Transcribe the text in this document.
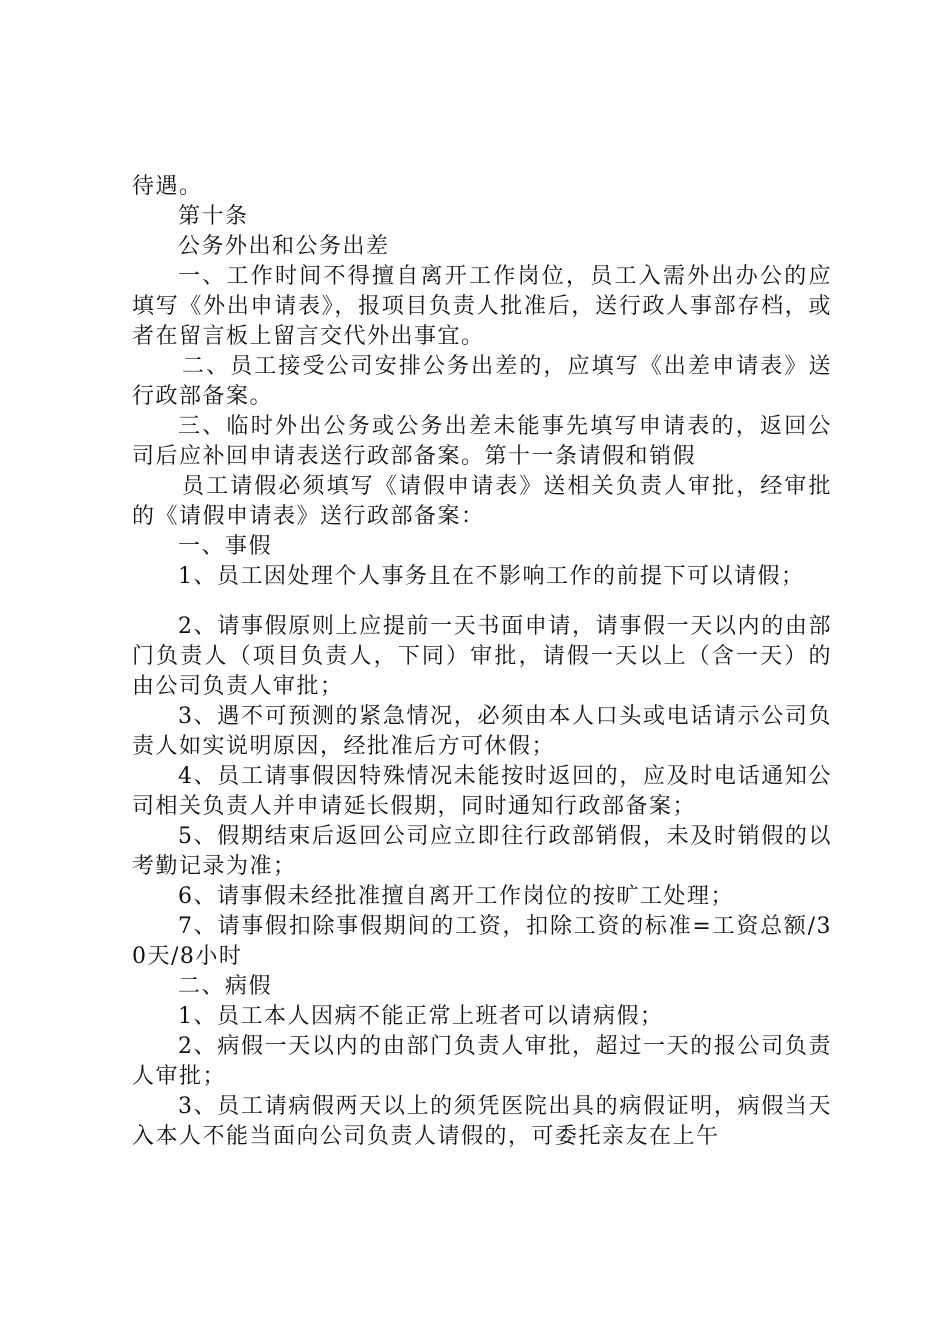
待遇。

第十条

公务外出和公务出差

一、工作时间不得擅自离开工作岗位，员工入需外出办公的应填写《外出申请表》，报项目负责人批准后，送行政人事部存档，或者在留言板上留言交代外出事宜。

二、员工接受公司安排公务出差的，应填写《出差申请表》送行政部备案。

三、临时外出公务或公务出差未能事先填写申请表的，返回公司后应补回申请表送行政部备案。第十一条请假和销假

员工请假必须填写《请假申请表》送相关负责人审批，经审批的《请假申请表》送行政部备案：

一、事假

1、员工因处理个人事务且在不影响工作的前提下可以请假；

2、请事假原则上应提前一天书面申请，请事假一天以内的由部门负责人（项目负责人，下同）审批，请假一天以上（含一天）的由公司负责人审批；

3、遇不可预测的紧急情况，必须由本人口头或电话请示公司负责人如实说明原因，经批准后方可休假；

4、员工请事假因特殊情况未能按时返回的，应及时电话通知公司相关负责人并申请延长假期，同时通知行政部备案；

5、假期结束后返回公司应立即往行政部销假，未及时销假的以考勤记录为准；

6、请事假未经批准擅自离开工作岗位的按旷工处理；

7、请事假扣除事假期间的工资，扣除工资的标准=工资总额/30天/8小时

二、病假

1、员工本人因病不能正常上班者可以请病假；

2、病假一天以内的由部门负责人审批，超过一天的报公司负责人审批；

3、员工请病假两天以上的须凭医院出具的病假证明，病假当天入本人不能当面向公司负责人请假的，可委托亲友在上午
